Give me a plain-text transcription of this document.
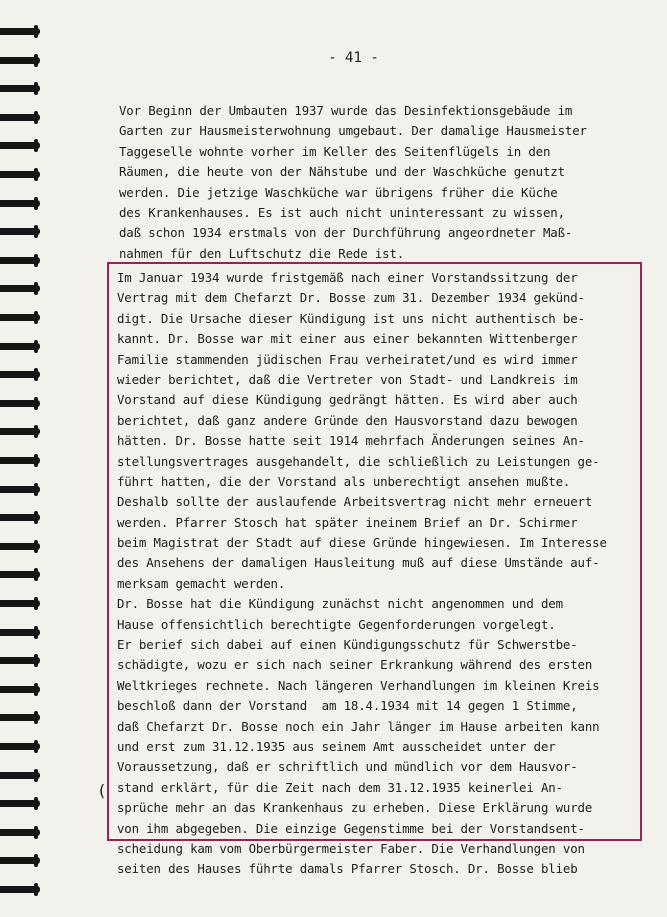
- 41 -
Vor Beginn der Umbauten 1937 wurde das Desinfektionsgebäude im
Garten zur Hausmeisterwohnung umgebaut. Der damalige Hausmeister
Taggeselle wohnte vorher im Keller des Seitenflügels in den
Räumen, die heute von der Nähstube und der Waschküche genutzt
werden. Die jetzige Waschküche war übrigens früher die Küche
des Krankenhauses. Es ist auch nicht uninteressant zu wissen,
daß schon 1934 erstmals von der Durchführung angeordneter Maß-
nahmen für den Luftschutz die Rede ist.
Im Januar 1934 wurde fristgemäß nach einer Vorstandssitzung der
Vertrag mit dem Chefarzt Dr. Bosse zum 31. Dezember 1934 gekünd-
digt. Die Ursache dieser Kündigung ist uns nicht authentisch be-
kannt. Dr. Bosse war mit einer aus einer bekannten Wittenberger
Familie stammenden jüdischen Frau verheiratet/und es wird immer
wieder berichtet, daß die Vertreter von Stadt- und Landkreis im
Vorstand auf diese Kündigung gedrängt hätten. Es wird aber auch
berichtet, daß ganz andere Gründe den Hausvorstand dazu bewogen
hätten. Dr. Bosse hatte seit 1914 mehrfach Änderungen seines An-
stellungsvertrages ausgehandelt, die schließlich zu Leistungen ge-
führt hatten, die der Vorstand als unberechtigt ansehen mußte.
Deshalb sollte der auslaufende Arbeitsvertrag nicht mehr erneuert
werden. Pfarrer Stosch hat später ineinem Brief an Dr. Schirmer
beim Magistrat der Stadt auf diese Gründe hingewiesen. Im Interesse
des Ansehens der damaligen Hausleitung muß auf diese Umstände auf-
merksam gemacht werden.
Dr. Bosse hat die Kündigung zunächst nicht angenommen und dem
Hause offensichtlich berechtigte Gegenforderungen vorgelegt.
Er berief sich dabei auf einen Kündigungsschutz für Schwerstbe-
schädigte, wozu er sich nach seiner Erkrankung während des ersten
Weltkrieges rechnete. Nach längeren Verhandlungen im kleinen Kreis
beschloß dann der Vorstand  am 18.4.1934 mit 14 gegen 1 Stimme,
daß Chefarzt Dr. Bosse noch ein Jahr länger im Hause arbeiten kann
und erst zum 31.12.1935 aus seinem Amt ausscheidet unter der
Voraussetzung, daß er schriftlich und mündlich vor dem Hausvor-
stand erklärt, für die Zeit nach dem 31.12.1935 keinerlei An-
sprüche mehr an das Krankenhaus zu erheben. Diese Erklärung wurde
von ihm abgegeben. Die einzige Gegenstimme bei der Vorstandsent-
scheidung kam vom Oberbürgermeister Faber. Die Verhandlungen von
seiten des Hauses führte damals Pfarrer Stosch. Dr. Bosse blieb
(
